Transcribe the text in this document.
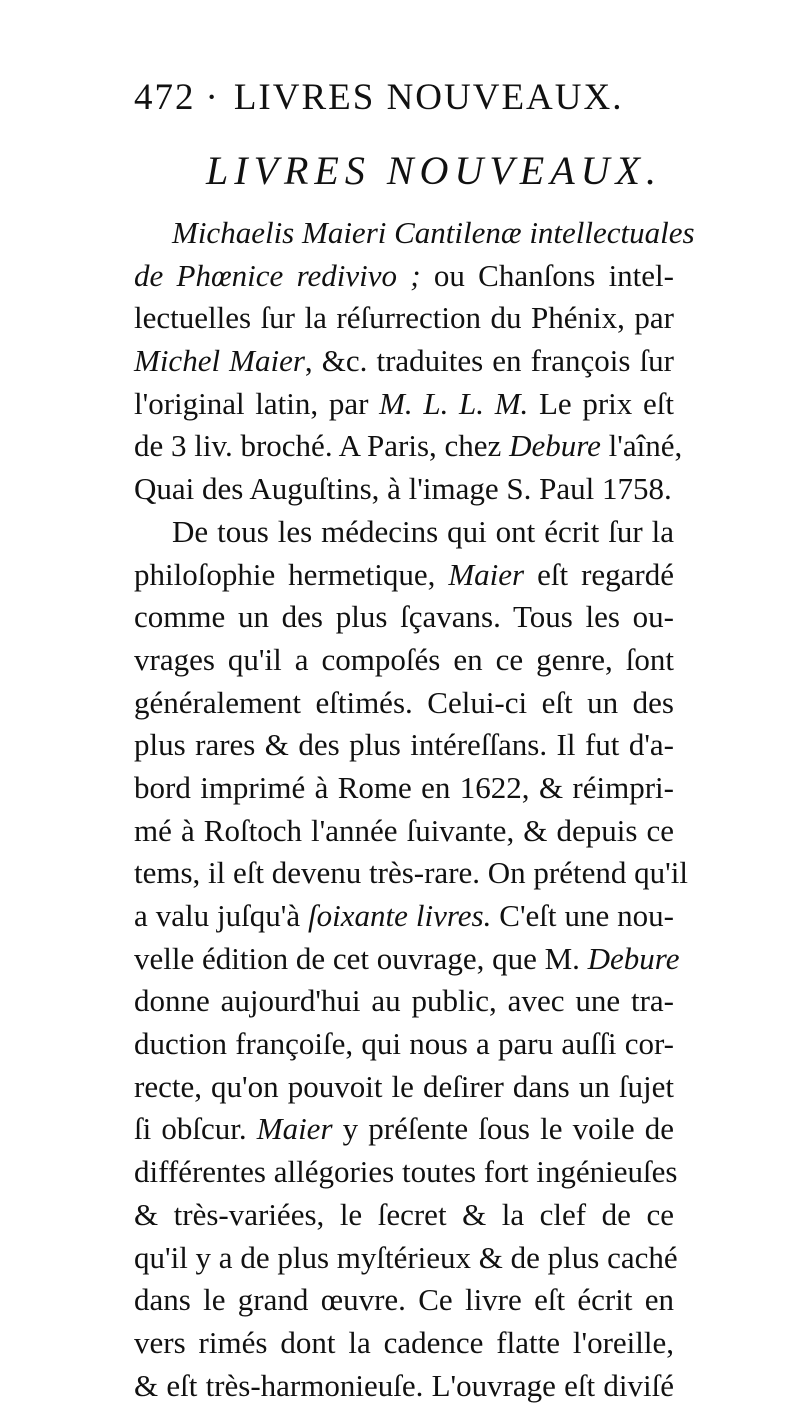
472 · LIVRES NOUVEAUX.
LIVRES NOUVEAUX.
Michaelis Maieri Cantilenæ intellectuales
de Phœnice redivivo ; ou Chanſons intel-
lectuelles ſur la réſurrection du Phénix, par
Michel Maier, &c. traduites en françois ſur
l'original latin, par M. L. L. M. Le prix eſt
de 3 liv. broché. A Paris, chez Debure l'aîné,
Quai des Auguſtins, à l'image S. Paul 1758.
De tous les médecins qui ont écrit ſur la
philoſophie hermetique, Maier eſt regardé
comme un des plus ſçavans. Tous les ou-
vrages qu'il a compoſés en ce genre, ſont
généralement eſtimés. Celui-ci eſt un des
plus rares & des plus intéreſſans. Il fut d'a-
bord imprimé à Rome en 1622, & réimpri-
mé à Roſtoch l'année ſuivante, & depuis ce
tems, il eſt devenu très-rare. On prétend qu'il
a valu juſqu'à ſoixante livres. C'eſt une nou-
velle édition de cet ouvrage, que M. Debure
donne aujourd'hui au public, avec une tra-
duction françoiſe, qui nous a paru auſſi cor-
recte, qu'on pouvoit le deſirer dans un ſujet
ſi obſcur. Maier y préſente ſous le voile de
différentes allégories toutes fort ingénieuſes
& très-variées, le ſecret & la clef de ce
qu'il y a de plus myſtérieux & de plus caché
dans le grand œuvre. Ce livre eſt écrit en
vers rimés dont la cadence flatte l'oreille,
& eſt très-harmonieuſe. L'ouvrage eſt diviſé
